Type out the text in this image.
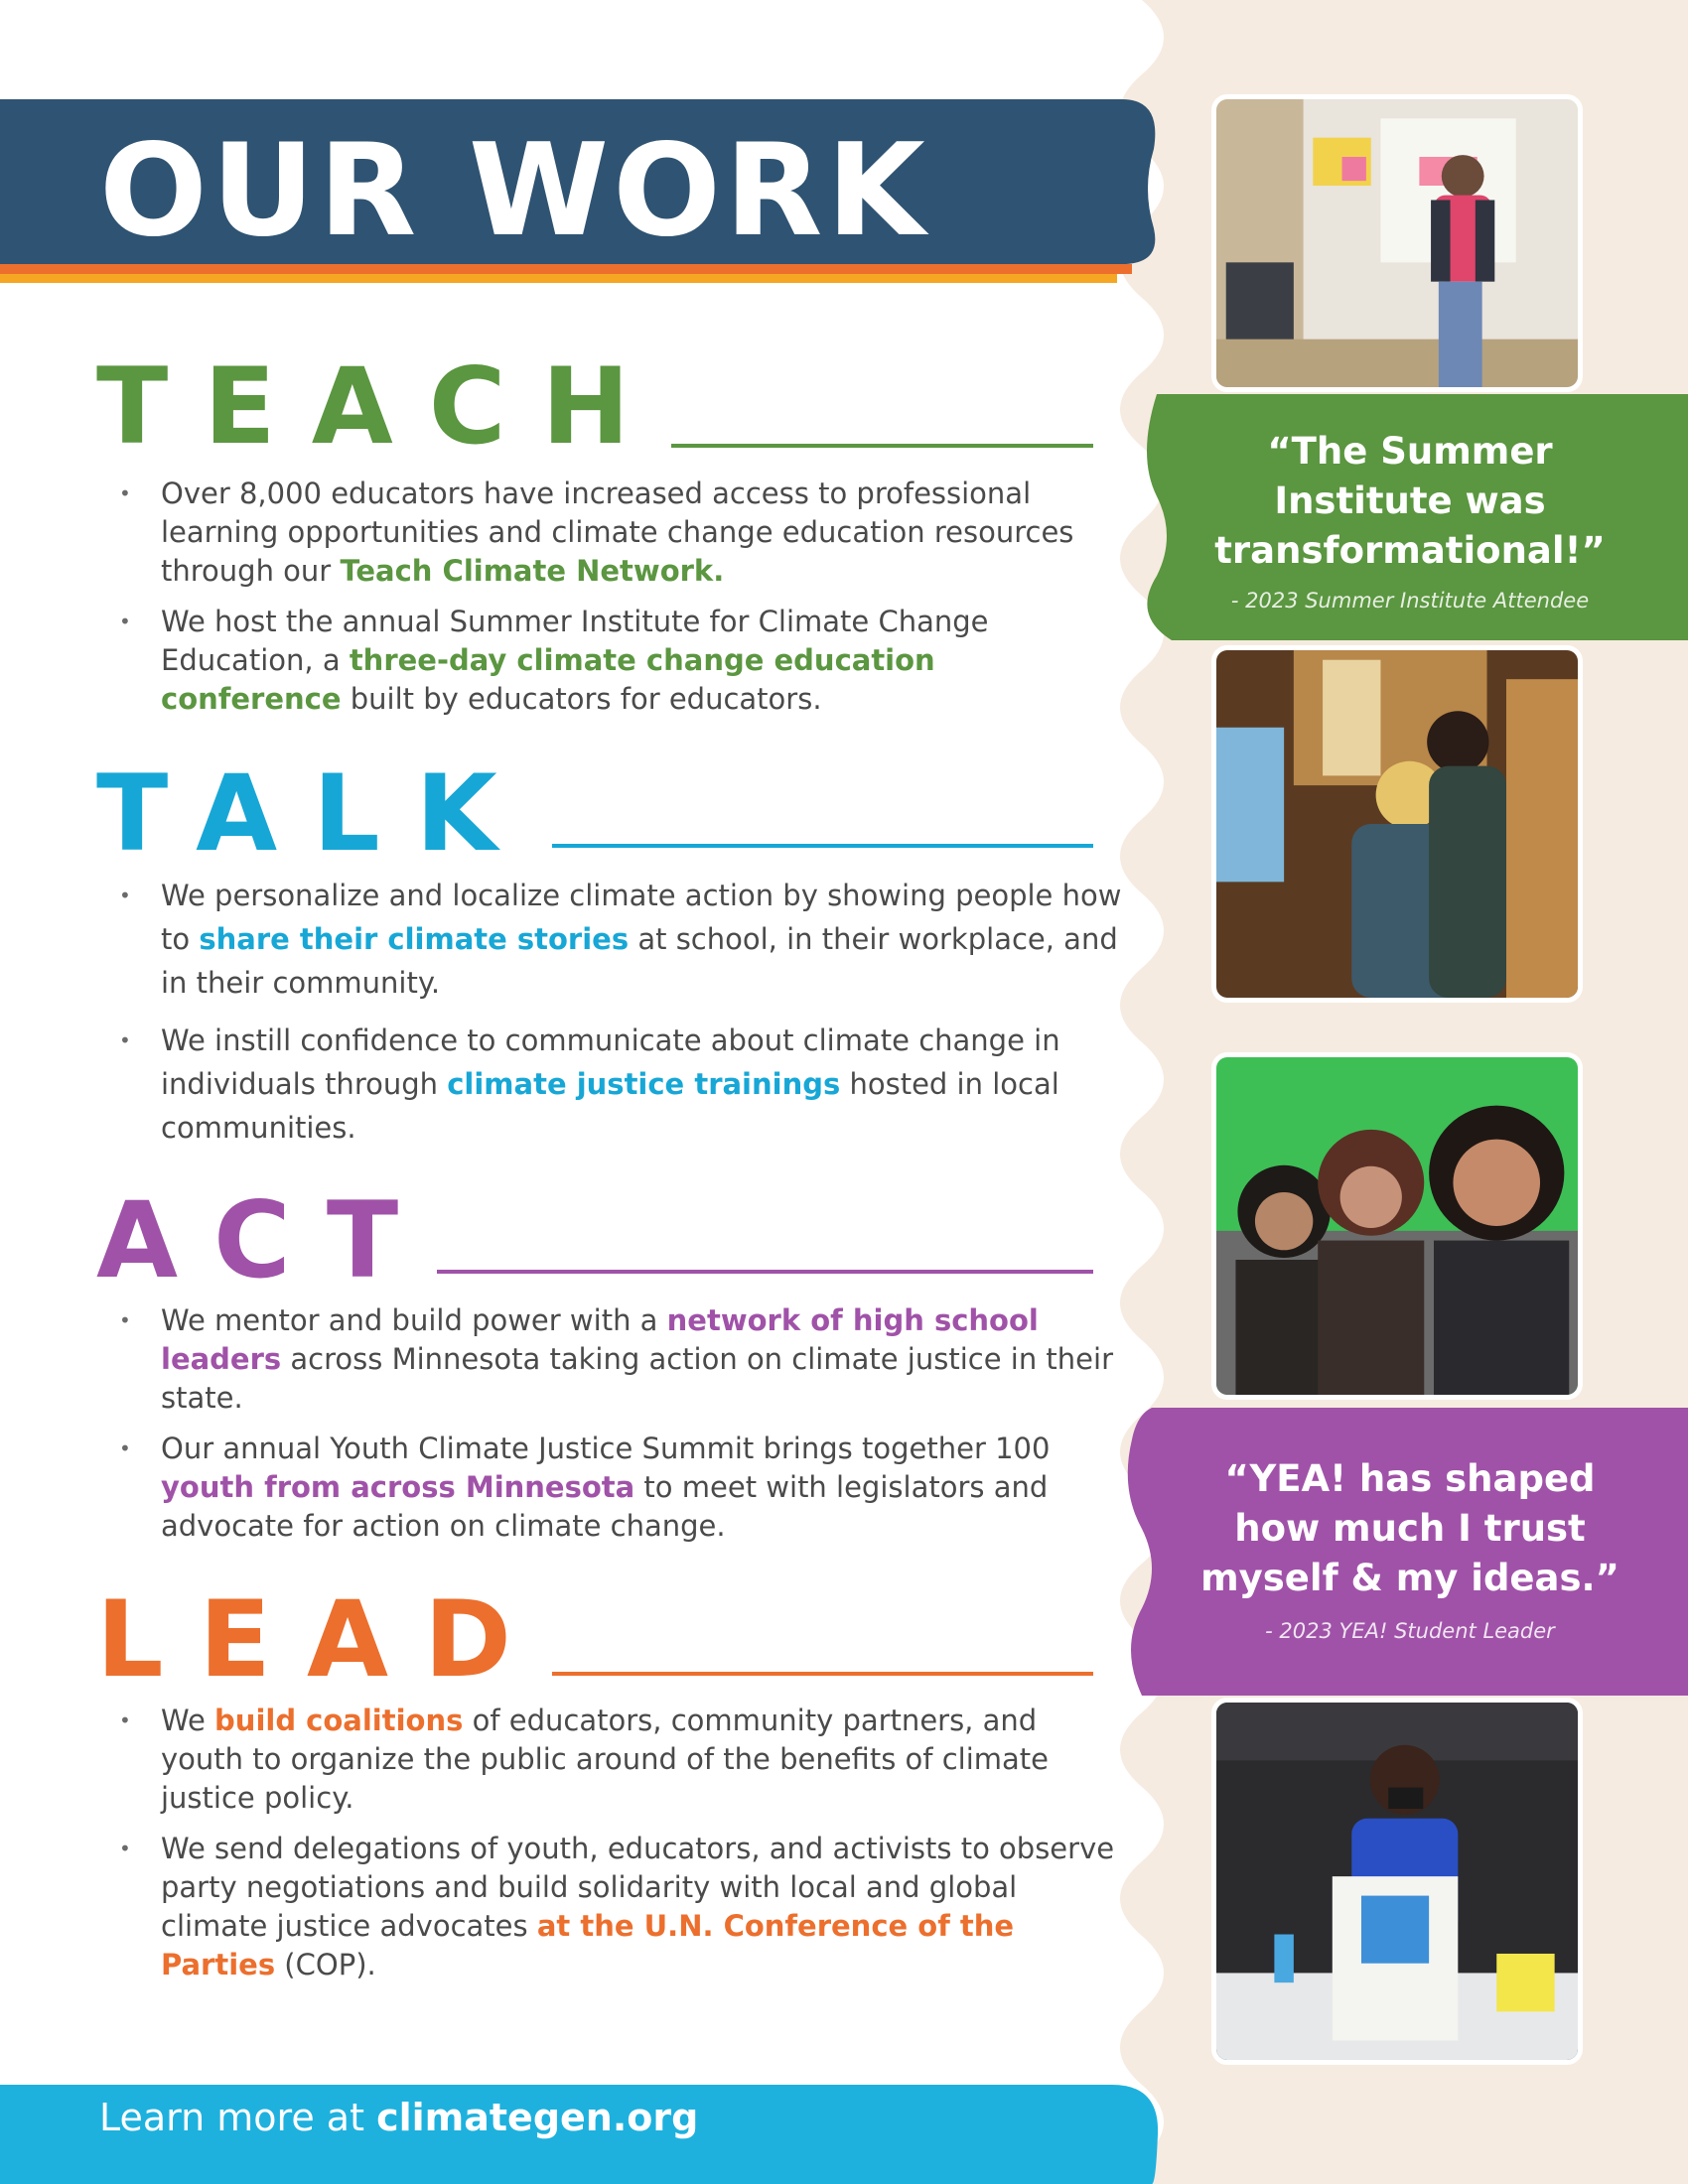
OUR WORK
TEACH
• Over 8,000 educators have increased access to professional learning opportunities and climate change education resources through our Teach Climate Network.
• We host the annual Summer Institute for Climate Change Education, a three-day climate change education conference built by educators for educators.
TALK
• We personalize and localize climate action by showing people how to share their climate stories at school, in their workplace, and in their community.
• We instill confidence to communicate about climate change in individuals through climate justice trainings hosted in local communities.
ACT
• We mentor and build power with a network of high school leaders across Minnesota taking action on climate justice in their state.
• Our annual Youth Climate Justice Summit brings together 100 youth from across Minnesota to meet with legislators and advocate for action on climate change.
LEAD
• We build coalitions of educators, community partners, and youth to organize the public around of the benefits of climate justice policy.
• We send delegations of youth, educators, and activists to observe party negotiations and build solidarity with local and global climate justice advocates at the U.N. Conference of the Parties (COP).
“The Summer Institute was transformational!”
- 2023 Summer Institute Attendee
“YEA! has shaped how much I trust myself & my ideas.”
- 2023 YEA! Student Leader
Learn more at climategen.org
